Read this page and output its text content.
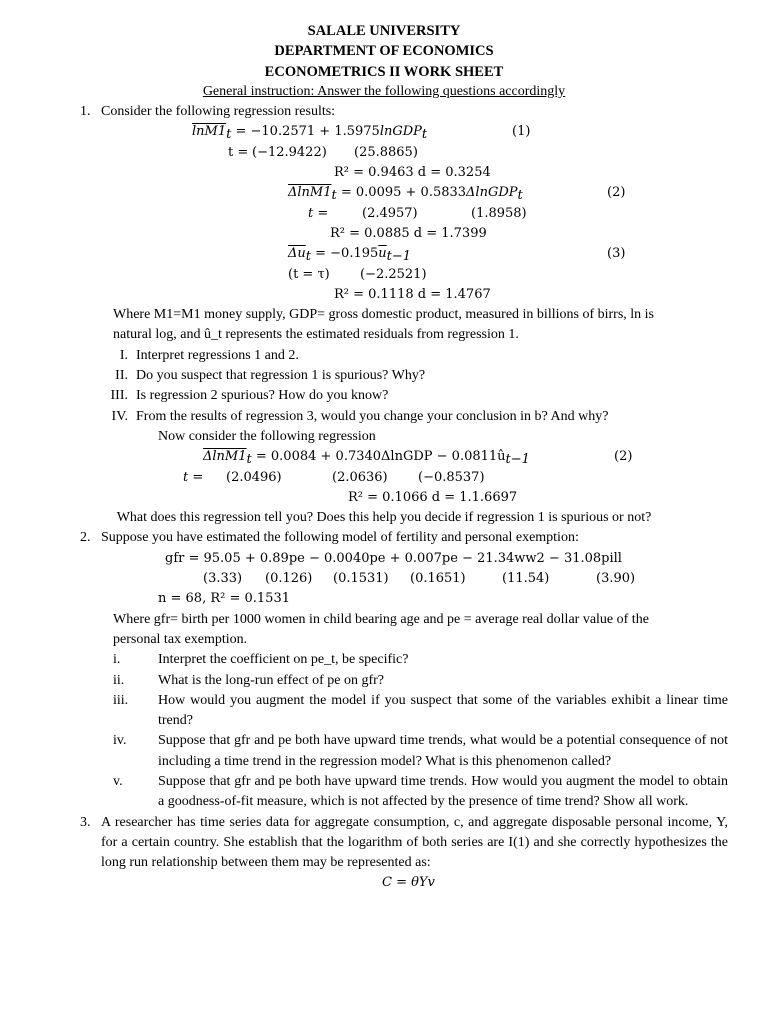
SALALE UNIVERSITY
DEPARTMENT OF ECONOMICS
ECONOMETRICS II WORK SHEET
General instruction: Answer the following questions accordingly
1. Consider the following regression results:
$\ln M1_t = -10.2571$ + 1.5975lnGDP$_t$	(1)
t = (−12.9422) (25.8865)
R² = 0.9463 d = 0.3254
$\Delta\ln M1_t = 0.0095$ + 0.5833ΔlnGDP$_t$	(2)
t =	(2.4957)	(1.8958)
R² = 0.0885 d = 1.7399
$\overline{\Delta u}_t = -0.195\overline{u}_{t-1}$	(3)
(t = τ) (−2.2521)
R² = 0.1118 d = 1.4767
Where M1=M1 money supply, GDP= gross domestic product, measured in billions of birrs, ln is
natural log, and û_t represents the estimated residuals from regression 1.
I. Interpret regressions 1 and 2.
II. Do you suspect that regression 1 is spurious? Why?
III. Is regression 2 spurious? How do you know?
IV. From the results of regression 3, would you change your conclusion in b? And why?
Now consider the following regression
$\Delta\ln M1_t = 0.0084$ + 0.7340ΔlnGDP − $0.0811û_{t-1}$	(2)
t = (2.0496)	(2.0636) (−0.8537)
R² = 0.1066 d = 1.1.6697
What does this regression tell you? Does this help you decide if regression 1 is spurious or not?
2. Suppose you have estimated the following model of fertility and personal exemption:
gfr = 95.05 + 0.89pe − 0.0040pe + 0.007pe − 21.34ww2 − 31.08pill
(3.33) (0.126) (0.1531) (0.1651)	(11.54)	(3.90)
n = 68, R² = 0.1531
Where gfr= birth per 1000 women in child bearing age and pe = average real dollar value of the
personal tax exemption.
i.	Interpret the coefficient on pe_t, be specific?
ii. What is the long-run effect of pe on gfr?
iii. How would you augment the model if you suspect that some of the variables exhibit a linear time trend?
iv. Suppose that gfr and pe both have upward time trends, what would be a potential consequence of not including a time trend in the regression model? What is this phenomenon called?
v.	Suppose that gfr and pe both have upward time trends. How would you augment the model to obtain a goodness-of-fit measure, which is not affected by the presence of time trend? Show all work.
3. A researcher has time series data for aggregate consumption, c, and aggregate disposable personal income, Y, for a certain country. She establish that the logarithm of both series are I(1) and she correctly hypothesizes the long run relationship between them may be represented as:
C = θYv
